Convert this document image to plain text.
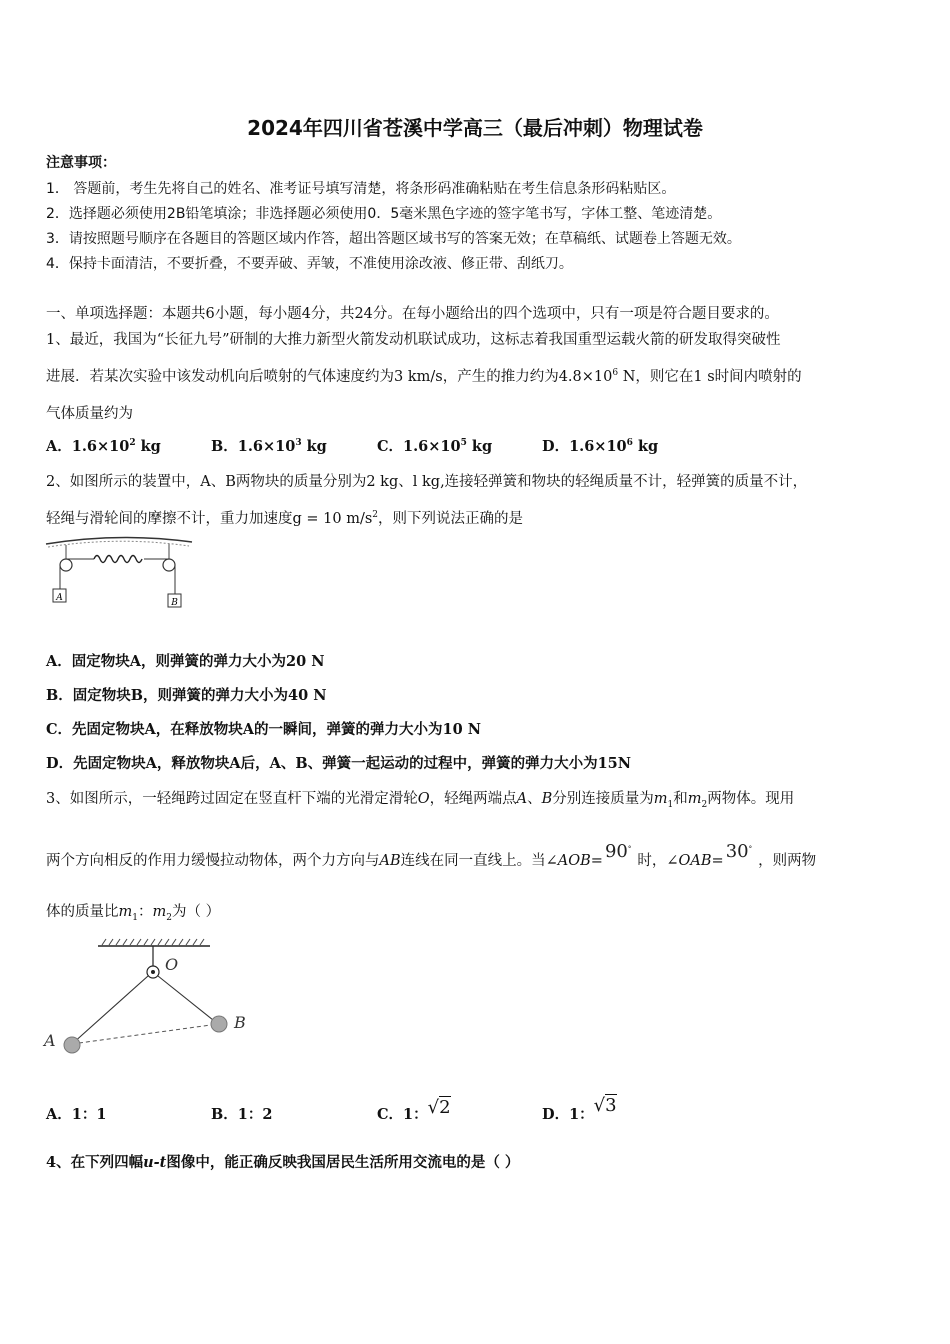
2024年四川省苍溪中学高三（最后冲刺）物理试卷
注意事项：
1． 答题前，考生先将自己的姓名、准考证号填写清楚，将条形码准确粘贴在考生信息条形码粘贴区。
2．选择题必须使用2B铅笔填涂；非选择题必须使用0．5毫米黑色字迹的签字笔书写，字体工整、笔迹清楚。
3．请按照题号顺序在各题目的答题区域内作答，超出答题区域书写的答案无效；在草稿纸、试题卷上答题无效。
4．保持卡面清洁，不要折叠，不要弄破、弄皱，不准使用涂改液、修正带、刮纸刀。
一、单项选择题：本题共6小题，每小题4分，共24分。在每小题给出的四个选项中，只有一项是符合题目要求的。
1、最近，我国为“长征九号”研制的大推力新型火箭发动机联试成功，这标志着我国重型运载火箭的研发取得突破性
进展．若某次实验中该发动机向后喷射的气体速度约为3 km/s，产生的推力约为$4.8\times 10^6$ N，则它在1 s时间内喷射的
气体质量约为
A．$1.6\times 10^2$ kg	B．$1.6\times 10^3$ kg	C．$1.6\times 10^5$ kg	D．$1.6\times 10^6$ kg
2、如图所示的装置中，A、B两物块的质量分别为2 kg、l kg,连接轻弹簧和物块的轻绳质量不计，轻弹簧的质量不计，
轻绳与滑轮间的摩擦不计，重力加速度g = 10 $m/s^2$，则下列说法正确的是
A	B
A．固定物块A，则弹簧的弹力大小为20 N
B．固定物块B，则弹簧的弹力大小为40 N
C．先固定物块A，在释放物块A的一瞬间，弹簧的弹力大小为10 N
D．先固定物块A，释放物块A后，A、B、弹簧一起运动的过程中，弹簧的弹力大小为15N
3、如图所示，一轻绳跨过固定在竖直杆下端的光滑定滑轮O，轻绳两端点A、B分别连接质量为$m_1$和$m_2$两物体。现用
两个方向相反的作用力缓慢拉动物体，两个力方向与AB连线在同一直线上。当∠AOB= 90°时，∠OAB= 30°，则两物
体的质量比$m_1$：$m_2$为（ ）
O
A
B
A．1：1	B．1：2	C．1：√2	D．1：√3
4、在下列四幅u-t图像中，能正确反映我国居民生活所用交流电的是（ ）
